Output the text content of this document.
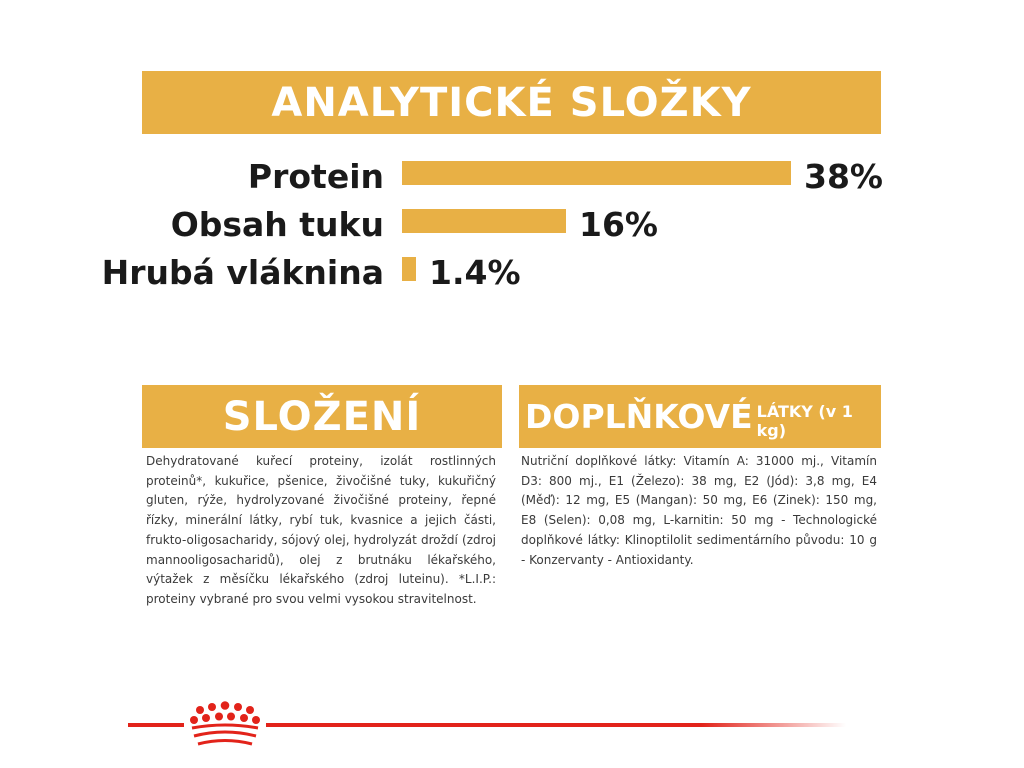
ANALYTICKÉ SLOŽKY
Protein	38%
Obsah tuku	16%
Hrubá vláknina 1.4%
SLOŽENÍ	DOPLŇKOVÉ LÁTKY (v 1 kg)
Dehydratované kuřecí proteiny, izolát rostlinných proteinů*, kukuřice, pšenice, živočišné tuky, kukuřičný gluten, rýže, hydrolyzované živočišné proteiny, řepné řízky, minerální látky, rybí tuk, kvasnice a jejich části, frukto-oligosacharidy, sójový olej, hydrolyzát droždí (zdroj mannooligosacharidů), olej z brutnáku lékařského, výtažek z měsíčku lékařského (zdroj luteinu). *L.I.P.: proteiny vybrané pro svou velmi vysokou stravitelnost.
Nutriční doplňkové látky: Vitamín A: 31000 mj., Vitamín D3: 800 mj., E1 (Železo): 38 mg, E2 (Jód): 3,8 mg, E4 (Měď): 12 mg, E5 (Mangan): 50 mg, E6 (Zinek): 150 mg, E8 (Selen): 0,08 mg, L-karnitin: 50 mg - Technologické doplňkové látky: Klinoptilolit sedimentárního původu: 10 g - Konzervanty - Antioxidanty.
